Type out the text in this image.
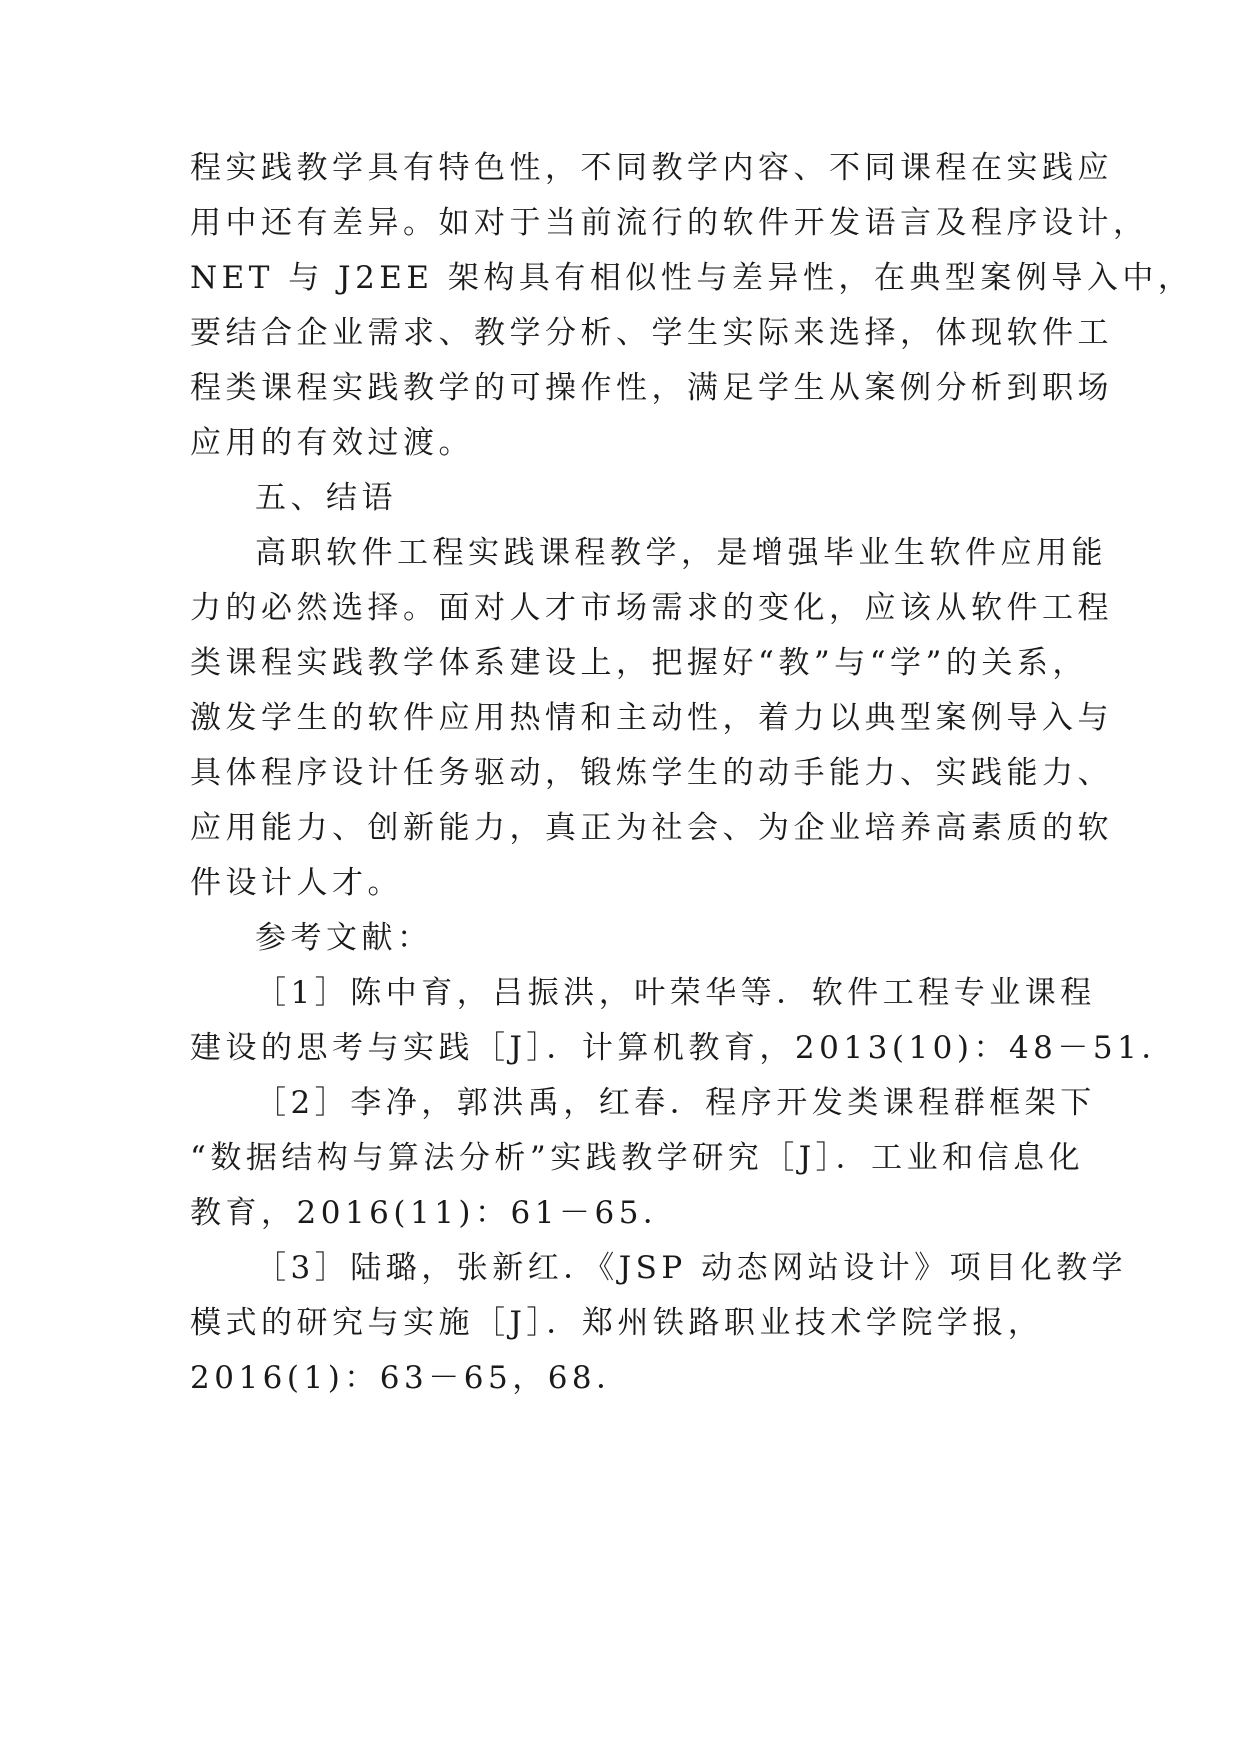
程实践教学具有特色性，不同教学内容、不同课程在实践应

用中还有差异。如对于当前流行的软件开发语言及程序设计，

NET 与 J2EE 架构具有相似性与差异性，在典型案例导入中，

要结合企业需求、教学分析、学生实际来选择，体现软件工

程类课程实践教学的可操作性，满足学生从案例分析到职场

应用的有效过渡。

五、结语

高职软件工程实践课程教学，是增强毕业生软件应用能

力的必然选择。面对人才市场需求的变化，应该从软件工程

类课程实践教学体系建设上，把握好“教”与“学”的关系，

激发学生的软件应用热情和主动性，着力以典型案例导入与

具体程序设计任务驱动，锻炼学生的动手能力、实践能力、

应用能力、创新能力，真正为社会、为企业培养高素质的软

件设计人才。

参考文献：

［1］陈中育，吕振洪，叶荣华等．软件工程专业课程

建设的思考与实践［J］．计算机教育，2013(10)：48－51．

［2］李净，郭洪禹，红春．程序开发类课程群框架下

“数据结构与算法分析”实践教学研究［J］．工业和信息化

教育，2016(11)：61－65．

［3］陆璐，张新红．《JSP 动态网站设计》项目化教学

模式的研究与实施［J］．郑州铁路职业技术学院学报，

2016(1)：63－65，68．
